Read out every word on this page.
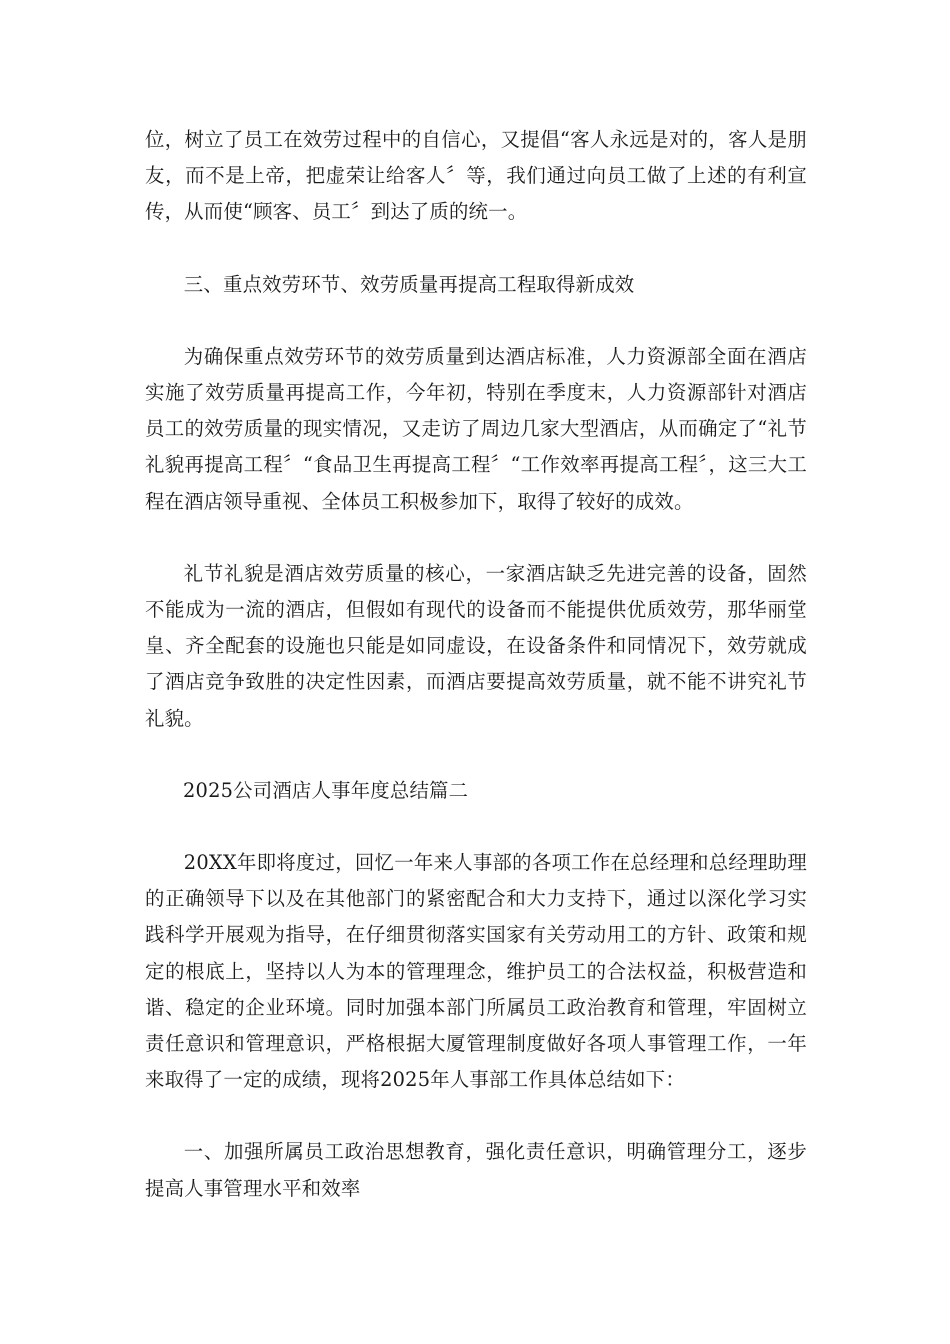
位，树立了员工在效劳过程中的自信心，又提倡“客人永远是对的，客人是朋友，而不是上帝，把虚荣让给客人〞等，我们通过向员工做了上述的有利宣传，从而使“顾客、员工〞到达了质的统一。

三、重点效劳环节、效劳质量再提高工程取得新成效

为确保重点效劳环节的效劳质量到达酒店标准，人力资源部全面在酒店实施了效劳质量再提高工作，今年初，特别在季度末，人力资源部针对酒店员工的效劳质量的现实情况，又走访了周边几家大型酒店，从而确定了“礼节礼貌再提高工程〞“食品卫生再提高工程〞“工作效率再提高工程〞，这三大工程在酒店领导重视、全体员工积极参加下，取得了较好的成效。

礼节礼貌是酒店效劳质量的核心，一家酒店缺乏先进完善的设备，固然不能成为一流的酒店，但假如有现代的设备而不能提供优质效劳，那华丽堂皇、齐全配套的设施也只能是如同虚设，在设备条件和同情况下，效劳就成了酒店竞争致胜的决定性因素，而酒店要提高效劳质量，就不能不讲究礼节礼貌。

2025公司酒店人事年度总结篇二

20XX年即将度过，回忆一年来人事部的各项工作在总经理和总经理助理的正确领导下以及在其他部门的紧密配合和大力支持下，通过以深化学习实践科学开展观为指导，在仔细贯彻落实国家有关劳动用工的方针、政策和规定的根底上，坚持以人为本的管理理念，维护员工的合法权益，积极营造和谐、稳定的企业环境。同时加强本部门所属员工政治教育和管理，牢固树立责任意识和管理意识，严格根据大厦管理制度做好各项人事管理工作，一年来取得了一定的成绩，现将2025年人事部工作具体总结如下：

一、加强所属员工政治思想教育，强化责任意识，明确管理分工，逐步提高人事管理水平和效率
